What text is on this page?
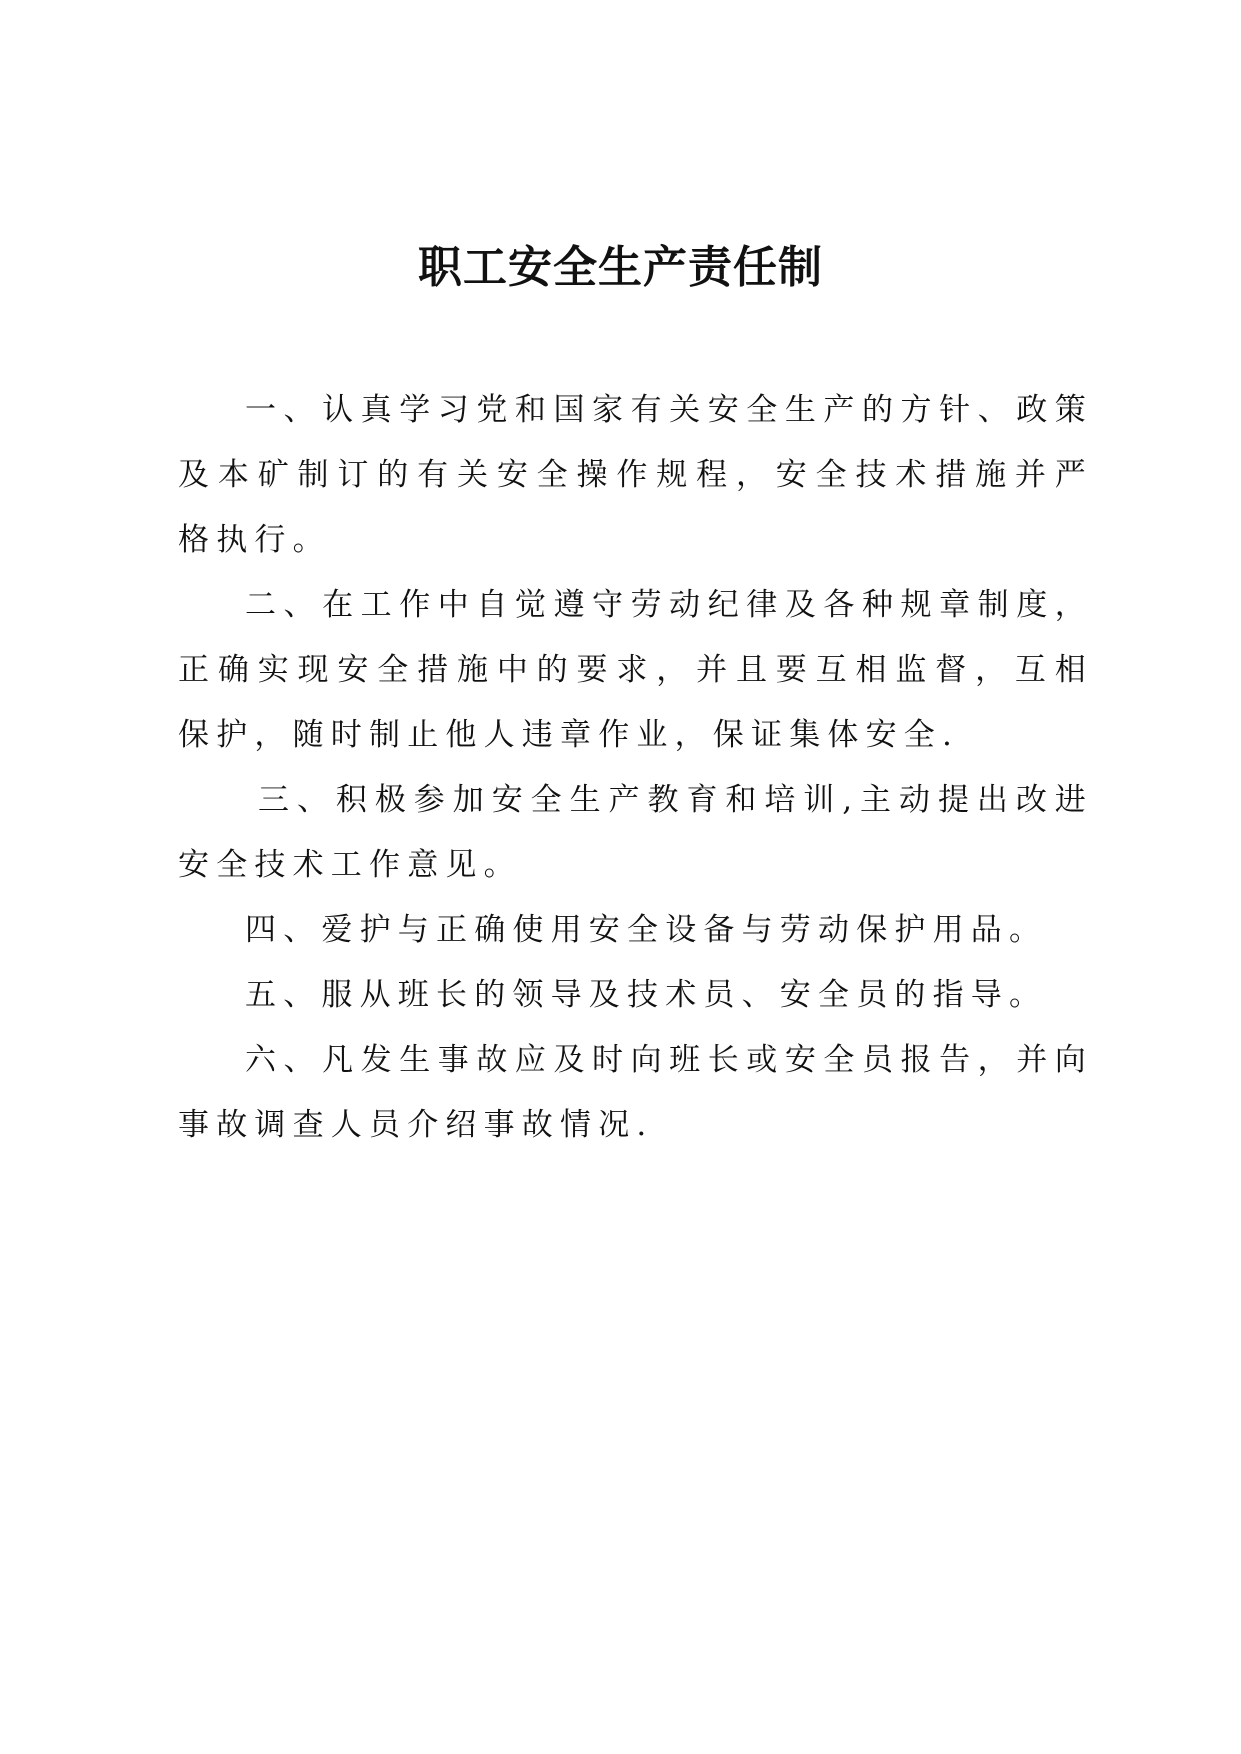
职工安全生产责任制

一、认真学习党和国家有关安全生产的方针、政策及本矿制订的有关安全操作规程，安全技术措施并严格执行。

二、在工作中自觉遵守劳动纪律及各种规章制度，正确实现安全措施中的要求，并且要互相监督，互相保护，随时制止他人违章作业，保证集体安全.

三、积极参加安全生产教育和培训,主动提出改进安全技术工作意见。

四、爱护与正确使用安全设备与劳动保护用品。

五、服从班长的领导及技术员、安全员的指导。

六、凡发生事故应及时向班长或安全员报告，并向事故调查人员介绍事故情况.
